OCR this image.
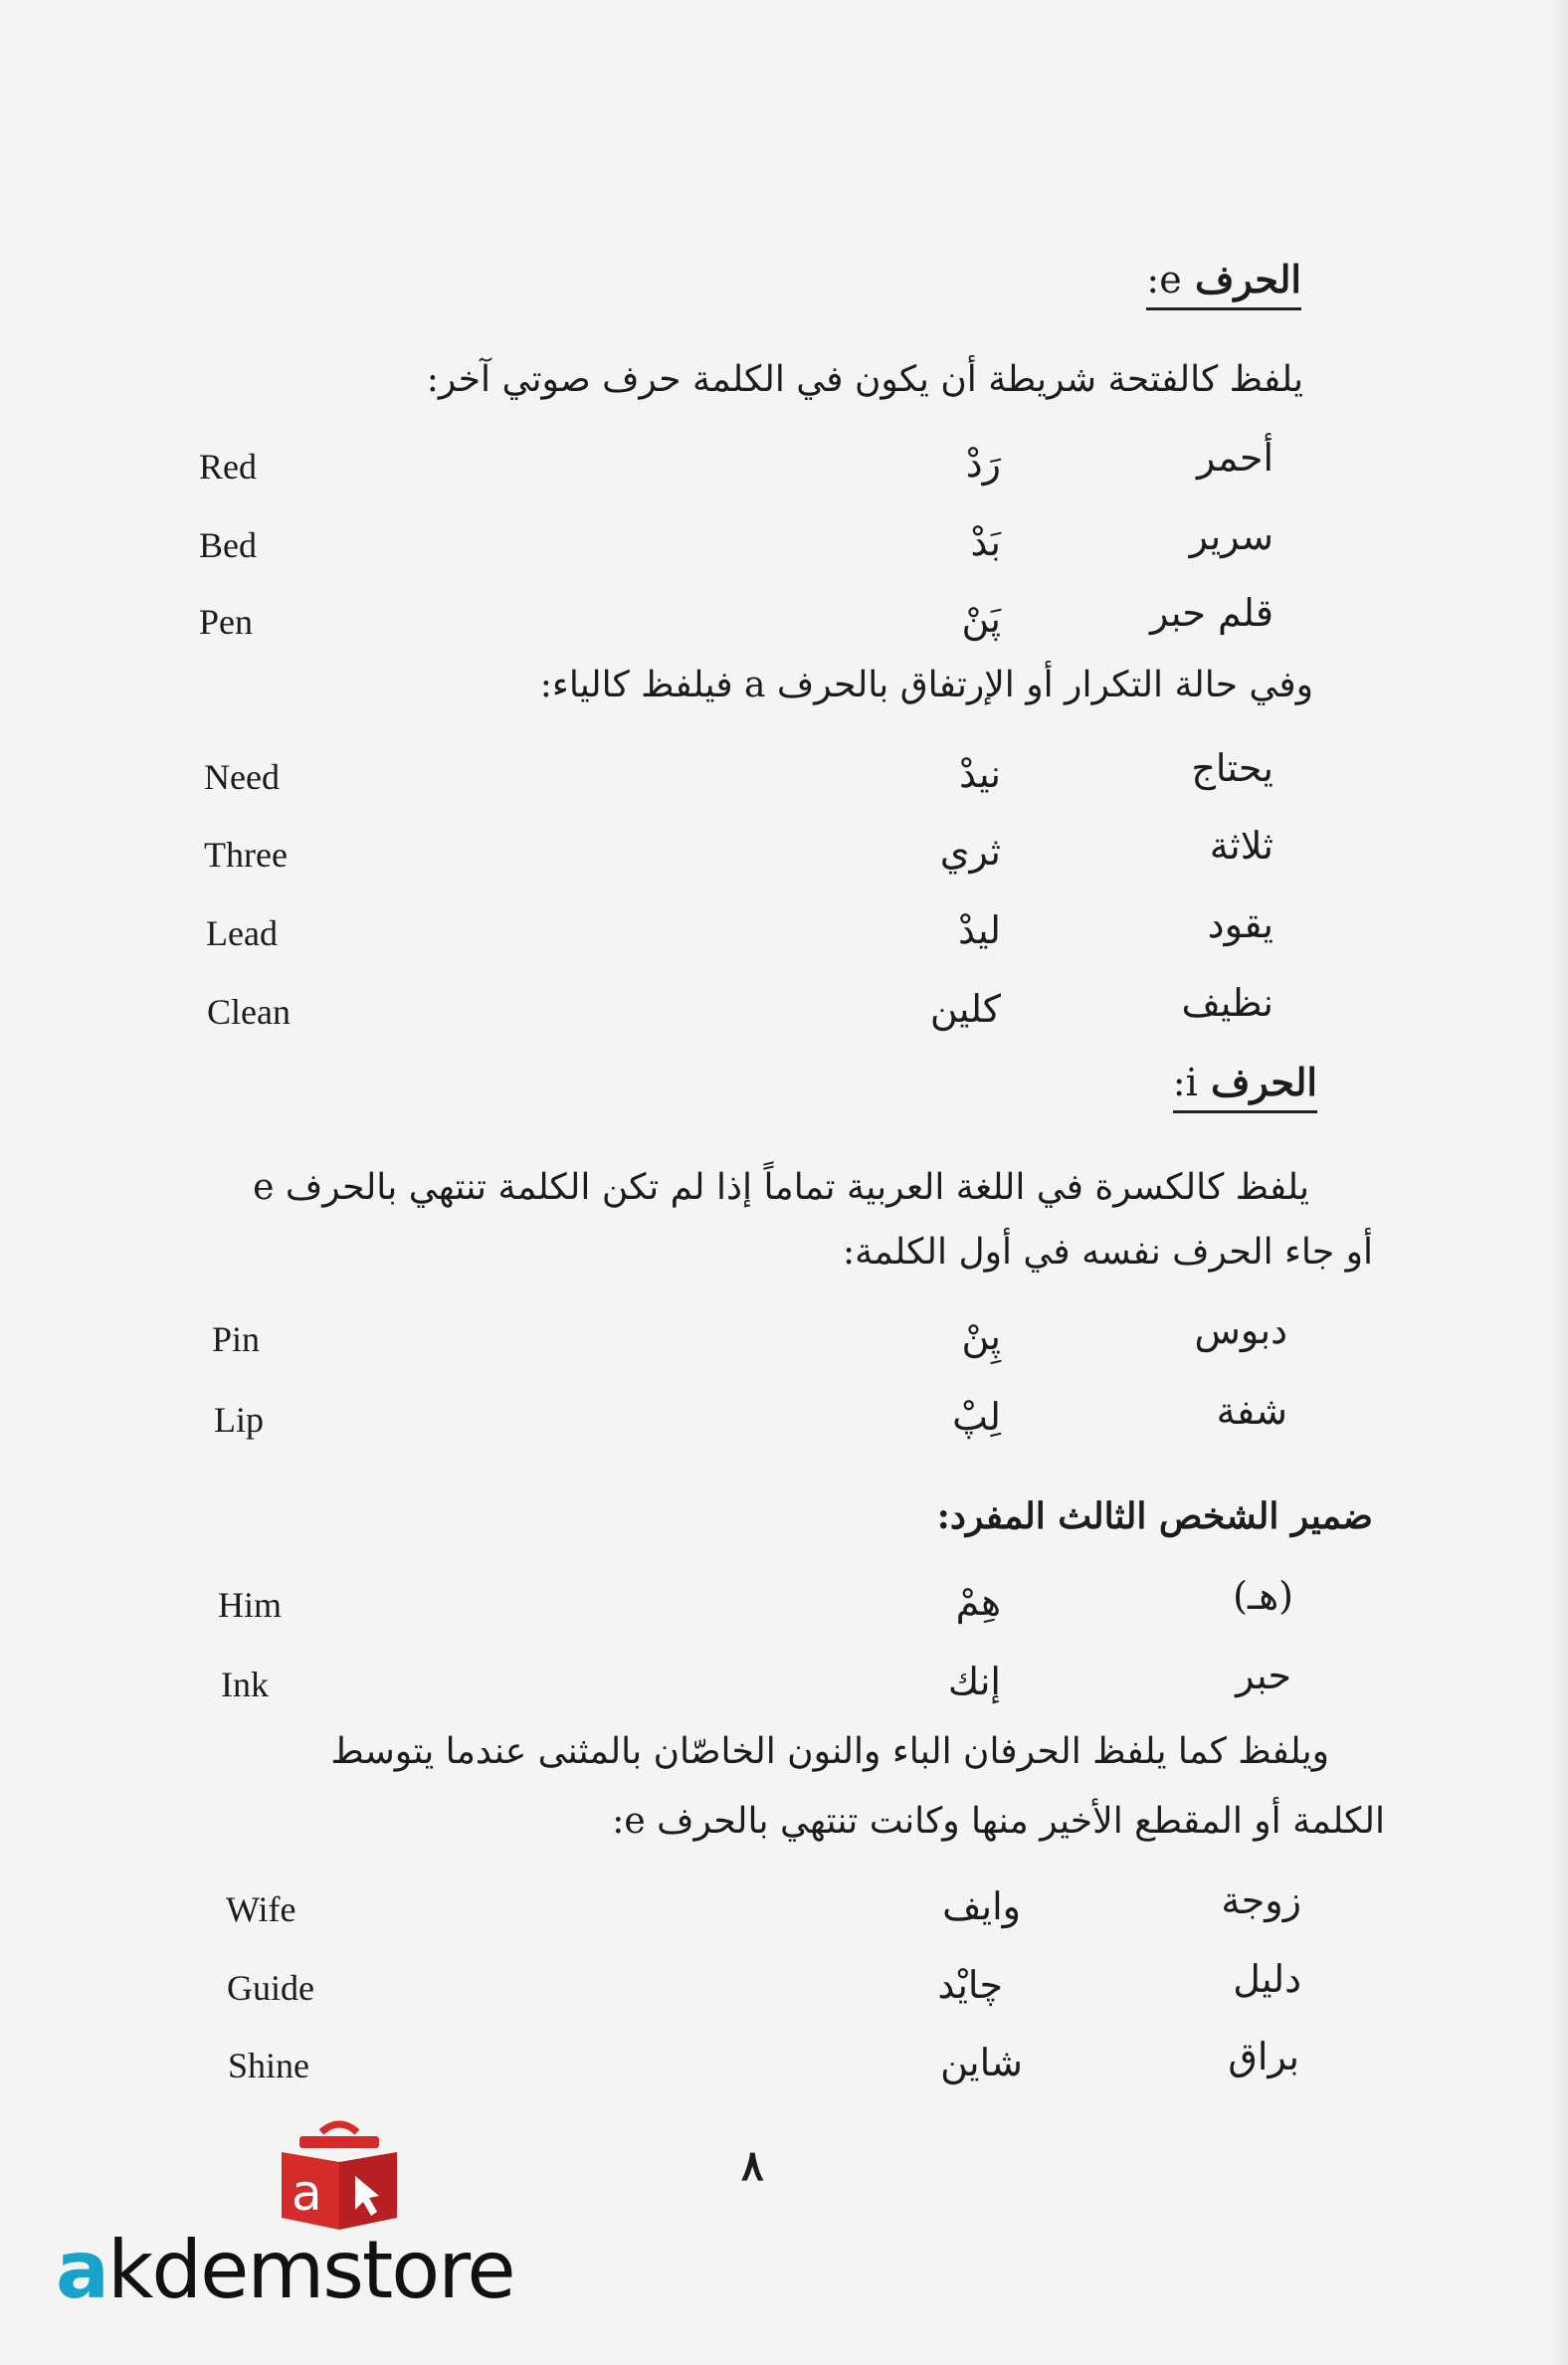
الحرف e:
يلفظ كالفتحة شريطة أن يكون في الكلمة حرف صوتي آخر:
Red	رَدْ	أحمر
Bed	بَدْ	سرير
Pen	پَنْ	قلم حبر
وفي حالة التكرار أو الإرتفاق بالحرف a فيلفظ كالياء:
Need	نيدْ	يحتاج
Three	ثري	ثلاثة
Lead	ليدْ	يقود
Clean	كلين	نظيف
الحرف i:
يلفظ كالكسرة في اللغة العربية تماماً إذا لم تكن الكلمة تنتهي بالحرف e
أو جاء الحرف نفسه في أول الكلمة:
Pin	پِنْ	دبوس
Lip	لِپْ	شفة
ضمير الشخص الثالث المفرد:
Him	هِمْ	(هـ)
Ink	إنك	حبر
ويلفظ كما يلفظ الحرفان الباء والنون الخاصّان بالمثنى عندما يتوسط
الكلمة أو المقطع الأخير منها وكانت تنتهي بالحرف e:
Wife	وايف	زوجة
Guide	چايْد	دليل
Shine	شاين	براق
٨
a
akdemstore
